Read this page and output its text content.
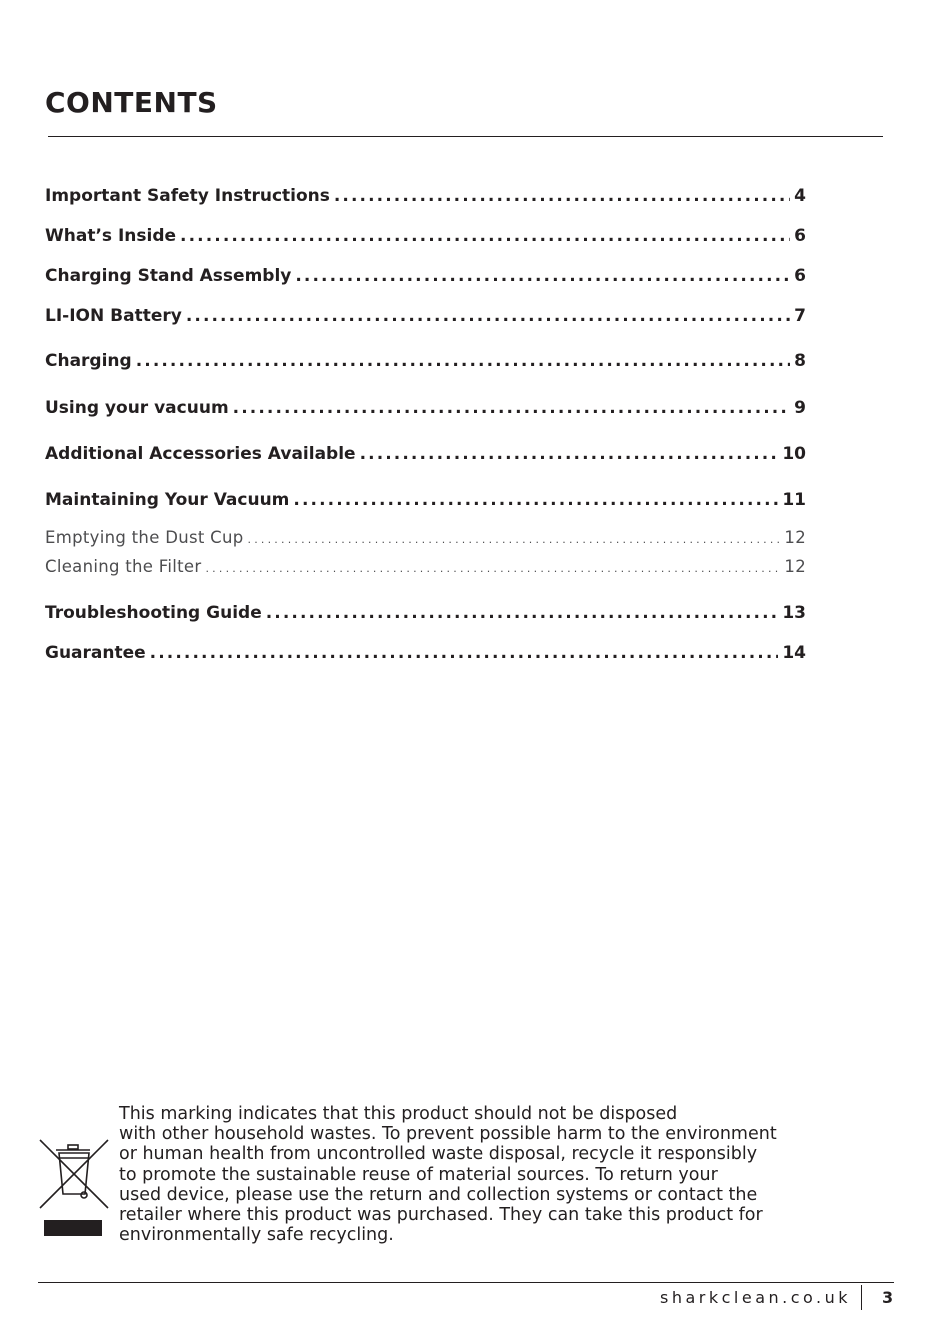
CONTENTS
Important Safety Instructions .....	4
What’s Inside .....	6
Charging Stand Assembly .....	6
LI-ION Battery .....	7
Charging .....	8
Using your vacuum .....	9
Additional Accessories Available .....	10
Maintaining Your Vacuum .....	11
Emptying the Dust Cup .....	12
Cleaning the Filter .....	12
Troubleshooting Guide .....	13
Guarantee .....	14

This marking indicates that this product should not be disposed
with other household wastes. To prevent possible harm to the environment
or human health from uncontrolled waste disposal, recycle it responsibly
to promote the sustainable reuse of material sources. To return your
used device, please use the return and collection systems or contact the
retailer where this product was purchased. They can take this product for
environmentally safe recycling.

sharkclean.co.uk 3
